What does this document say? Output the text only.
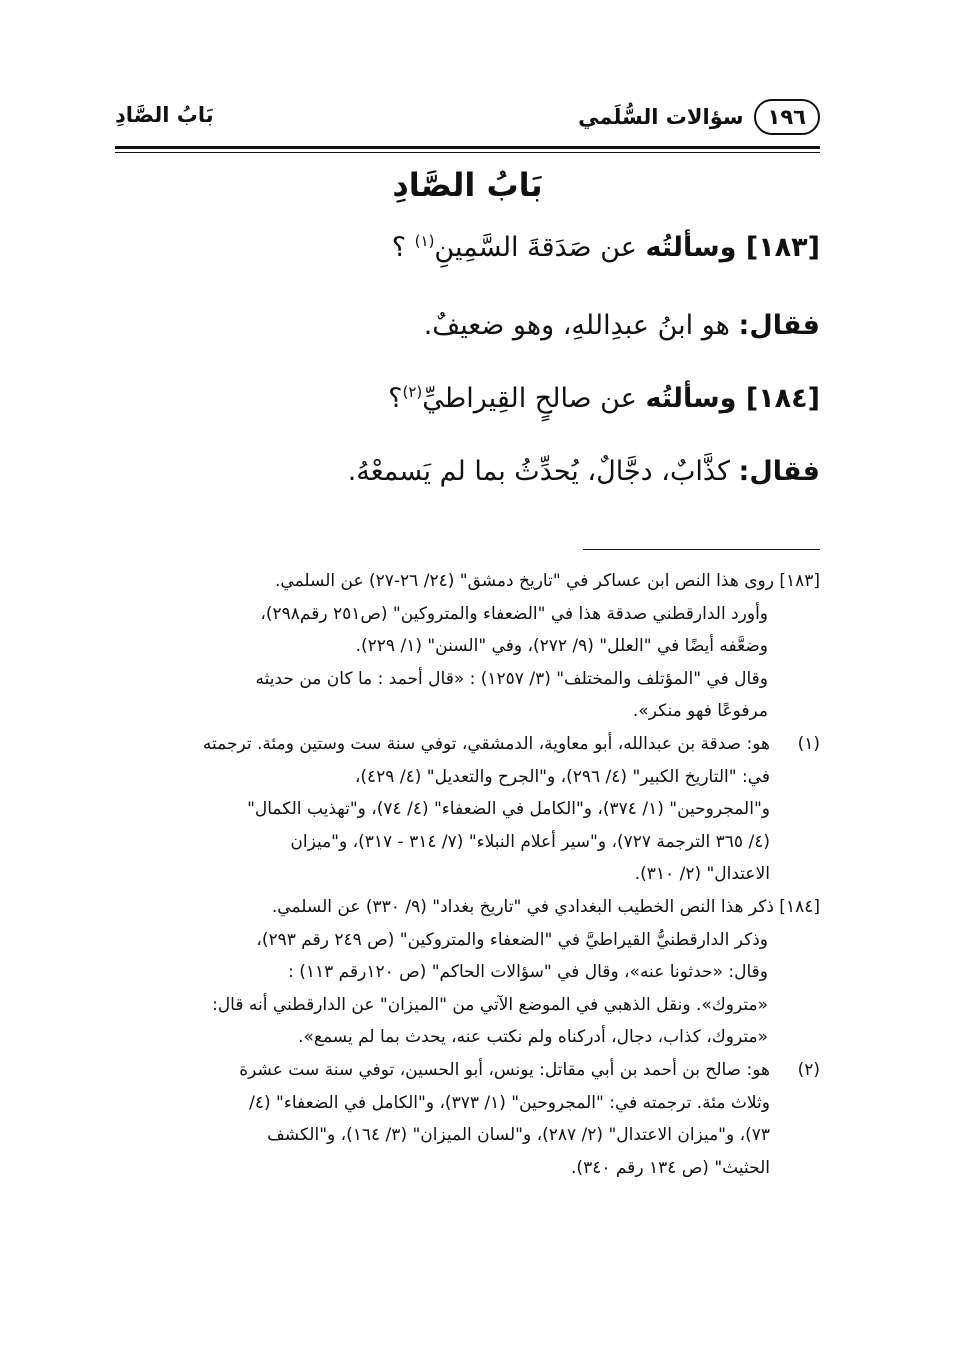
١٩٦
سؤالات السُّلَمي
بَابُ الصَّادِ
بَابُ الصَّادِ
[١٨٣] وسألتُه عن صَدَقةَ السَّمِينِ$^{(١)}$ ؟
فقال: هو ابنُ عبدِاللهِ، وهو ضعيفٌ.
[١٨٤] وسألتُه عن صالحٍ القِيراطيِّ$^{(٢)}$؟
فقال: كذَّابٌ، دجَّالٌ، يُحدِّثُ بما لم يَسمعْهُ.
[١٨٣] روى هذا النص ابن عساكر في "تاريخ دمشق" (٢٤/ ٢٦-٢٧) عن السلمي.
وأورد الدارقطني صدقة هذا في "الضعفاء والمتروكين" (ص٢٥١ رقم٢٩٨)،
وضعَّفه أيضًا في "العلل" (٩/ ٢٧٢)، وفي "السنن" (١/ ٢٢٩).
وقال في "المؤتلف والمختلف" (٣/ ١٢٥٧) : «قال أحمد : ما كان من حديثه
مرفوعًا فهو منكر».
(١)
هو: صدقة بن عبدالله، أبو معاوية، الدمشقي، توفي سنة ست وستين ومئة. ترجمته
في: "التاريخ الكبير" (٤/ ٢٩٦)، و"الجرح والتعديل" (٤/ ٤٢٩)،
و"المجروحين" (١/ ٣٧٤)، و"الكامل في الضعفاء" (٤/ ٧٤)، و"تهذيب الكمال"
(٤/ ٣٦٥ الترجمة ٧٢٧)، و"سير أعلام النبلاء" (٧/ ٣١٤ - ٣١٧)، و"ميزان
الاعتدال" (٢/ ٣١٠).
[١٨٤] ذكر هذا النص الخطيب البغدادي في "تاريخ بغداد" (٩/ ٣٣٠) عن السلمي.
وذكر الدارقطنيُّ القيراطيَّ في "الضعفاء والمتروكين" (ص ٢٤٩ رقم ٢٩٣)،
وقال: «حدثونا عنه»، وقال في "سؤالات الحاكم" (ص ١٢٠رقم ١١٣) :
«متروك». ونقل الذهبي في الموضع الآتي من "الميزان" عن الدارقطني أنه قال:
«متروك، كذاب، دجال، أدركناه ولم نكتب عنه، يحدث بما لم يسمع».
(٢)
هو: صالح بن أحمد بن أبي مقاتل: يونس، أبو الحسين، توفي سنة ست عشرة
وثلاث مئة. ترجمته في: "المجروحين" (١/ ٣٧٣)، و"الكامل في الضعفاء" (٤/
٧٣)، و"ميزان الاعتدال" (٢/ ٢٨٧)، و"لسان الميزان" (٣/ ١٦٤)، و"الكشف
الحثيث" (ص ١٣٤ رقم ٣٤٠).
